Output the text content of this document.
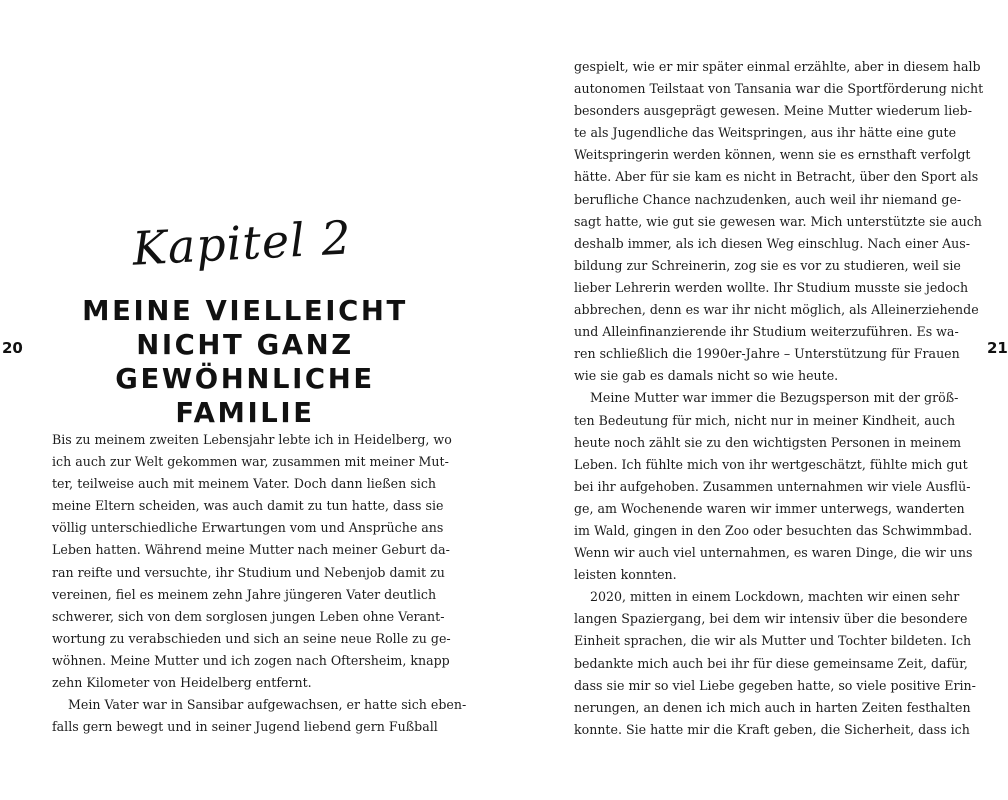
20
Kapitel 2
MEINE VIELLEICHT
NICHT GANZ
GEWÖHNLICHE FAMILIE
Bis zu meinem zweiten Lebensjahr lebte ich in Heidelberg, wo
ich auch zur Welt gekommen war, zusammen mit meiner Mut-
ter, teilweise auch mit meinem Vater. Doch dann ließen sich
meine Eltern scheiden, was auch damit zu tun hatte, dass sie
völlig unterschiedliche Erwartungen vom und Ansprüche ans
Leben hatten. Während meine Mutter nach meiner Geburt da-
ran reifte und versuchte, ihr Studium und Nebenjob damit zu
vereinen, fiel es meinem zehn Jahre jüngeren Vater deutlich
schwerer, sich von dem sorglosen jungen Leben ohne Verant-
wortung zu verabschieden und sich an seine neue Rolle zu ge-
wöhnen. Meine Mutter und ich zogen nach Oftersheim, knapp
zehn Kilometer von Heidelberg entfernt.
Mein Vater war in Sansibar aufgewachsen, er hatte sich eben-
falls gern bewegt und in seiner Jugend liebend gern Fußball
21
gespielt, wie er mir später einmal erzählte, aber in diesem halb
autonomen Teilstaat von Tansania war die Sportförderung nicht
besonders ausgeprägt gewesen. Meine Mutter wiederum lieb-
te als Jugendliche das Weitspringen, aus ihr hätte eine gute
Weitspringerin werden können, wenn sie es ernsthaft verfolgt
hätte. Aber für sie kam es nicht in Betracht, über den Sport als
berufliche Chance nachzudenken, auch weil ihr niemand ge-
sagt hatte, wie gut sie gewesen war. Mich unterstützte sie auch
deshalb immer, als ich diesen Weg einschlug. Nach einer Aus-
bildung zur Schreinerin, zog sie es vor zu studieren, weil sie
lieber Lehrerin werden wollte. Ihr Studium musste sie jedoch
abbrechen, denn es war ihr nicht möglich, als Alleinerziehende
und Alleinfinanzierende ihr Studium weiterzuführen. Es wa-
ren schließlich die 1990er-Jahre – Unterstützung für Frauen
wie sie gab es damals nicht so wie heute.
Meine Mutter war immer die Bezugsperson mit der größ-
ten Bedeutung für mich, nicht nur in meiner Kindheit, auch
heute noch zählt sie zu den wichtigsten Personen in meinem
Leben. Ich fühlte mich von ihr wertgeschätzt, fühlte mich gut
bei ihr aufgehoben. Zusammen unternahmen wir viele Ausflü-
ge, am Wochenende waren wir immer unterwegs, wanderten
im Wald, gingen in den Zoo oder besuchten das Schwimmbad.
Wenn wir auch viel unternahmen, es waren Dinge, die wir uns
leisten konnten.
2020, mitten in einem Lockdown, machten wir einen sehr
langen Spaziergang, bei dem wir intensiv über die besondere
Einheit sprachen, die wir als Mutter und Tochter bildeten. Ich
bedankte mich auch bei ihr für diese gemeinsame Zeit, dafür,
dass sie mir so viel Liebe gegeben hatte, so viele positive Erin-
nerungen, an denen ich mich auch in harten Zeiten festhalten
konnte. Sie hatte mir die Kraft geben, die Sicherheit, dass ich
